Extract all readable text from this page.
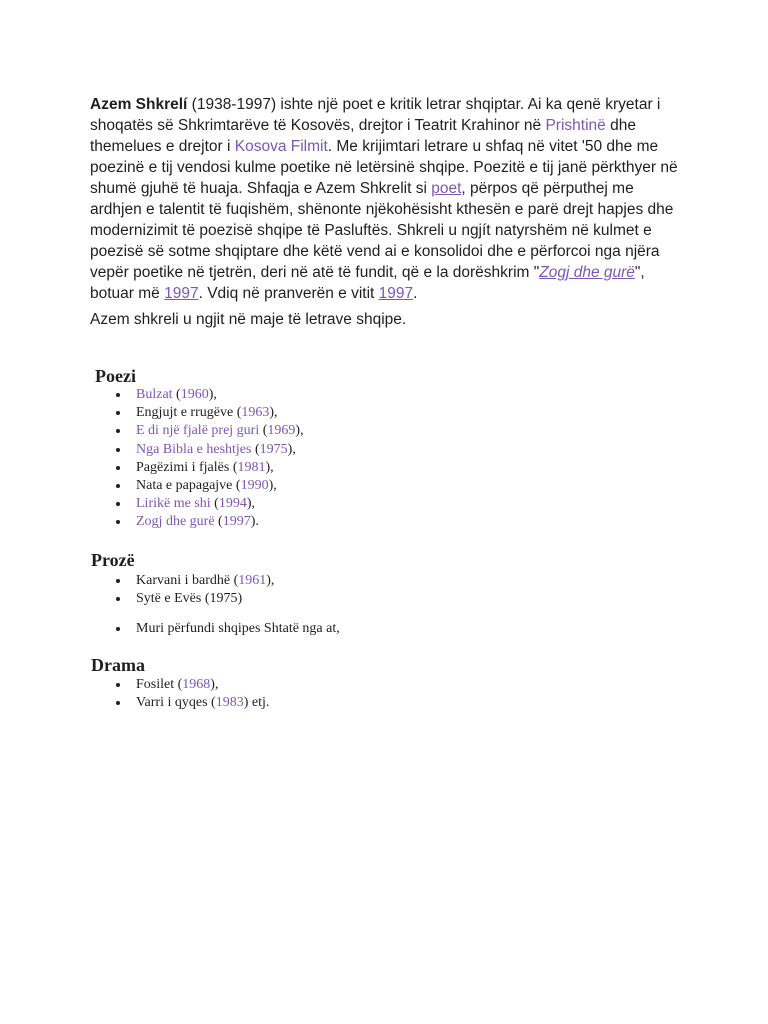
Azem Shkrelí (1938-1997) ishte një poet e kritik letrar shqiptar. Ai ka qenë kryetar i shoqatës së Shkrimtarëve të Kosovës, drejtor i Teatrit Krahinor në Prishtinë dhe themelues e drejtor i Kosova Filmit. Me krijimtari letrare u shfaq në vitet '50 dhe me poezinë e tij vendosi kulme poetike në letërsinë shqipe. Poezitë e tij janë përkthyer në shumë gjuhë të huaja. Shfaqja e Azem Shkrelit si poet, përpos që përputhej me ardhjen e talentit të fuqishëm, shënonte njëkohësisht kthesën e parë drejt hapjes dhe modernizimit të poezisë shqipe të Pasluftës. Shkreli u ngjít natyrshëm në kulmet e poezisë së sotme shqiptare dhe këtë vend ai e konsolidoi dhe e përforcoi nga njëra vepër poetike në tjetrën, deri në atë të fundit, që e la dorëshkrim "Zogj dhe gurë", botuar më 1997. Vdiq në pranverën e vitit 1997.

Azem shkreli u ngjit në maje të letrave shqipe.

Poezi
Bulzat (1960),
Engjujt e rrugëve (1963),
E di një fjalë prej guri (1969),
Nga Bibla e heshtjes (1975),
Pagëzimi i fjalës (1981),
Nata e papagajve (1990),
Lirikë me shi (1994),
Zogj dhe gurë (1997).
Prozë
Karvani i bardhë (1961),
Sytë e Evës (1975)
Muri përfundi shqipes Shtatë nga at,
Drama
Fosilet (1968),
Varri i qyqes (1983) etj.
